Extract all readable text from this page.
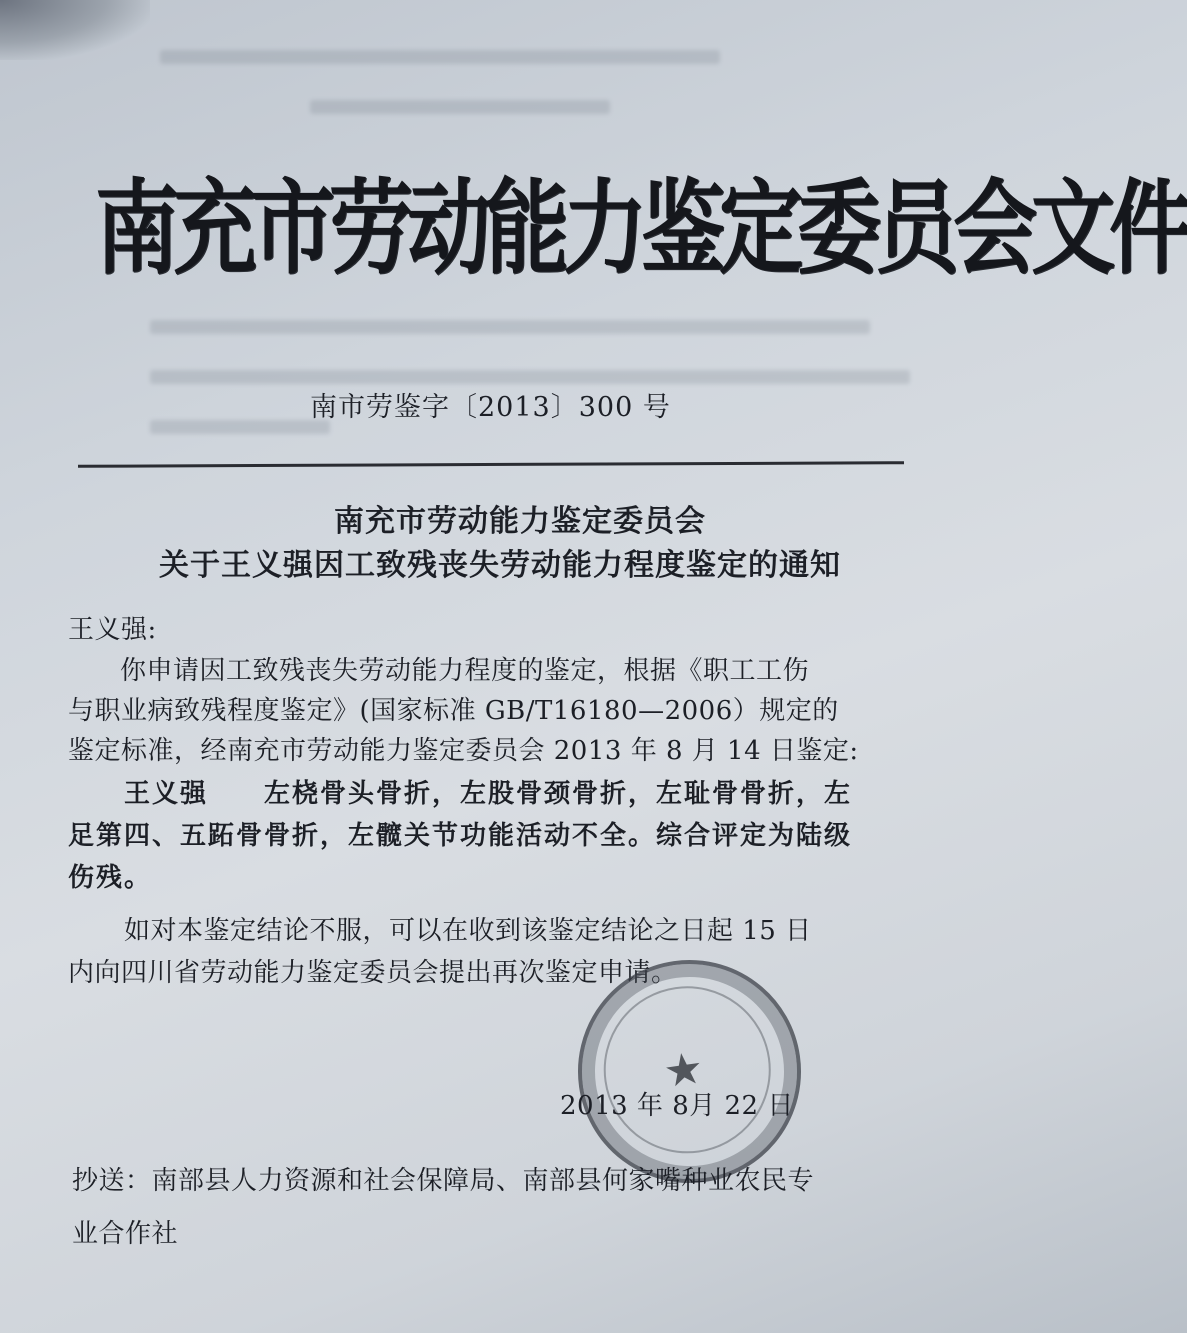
南充市劳动能力鉴定委员会文件
南市劳鉴字〔2013〕300 号
南充市劳动能力鉴定委员会
关于王义强因工致残丧失劳动能力程度鉴定的通知
王义强:
你申请因工致残丧失劳动能力程度的鉴定，根据《职工工伤
与职业病致残程度鉴定》(国家标准 GB/T16180—2006）规定的
鉴定标准，经南充市劳动能力鉴定委员会 2013 年 8 月 14 日鉴定:
王义强　　左桡骨头骨折，左股骨颈骨折，左耻骨骨折，左
足第四、五跖骨骨折，左髋关节功能活动不全。综合评定为陆级
伤残。
如对本鉴定结论不服，可以在收到该鉴定结论之日起 15 日
内向四川省劳动能力鉴定委员会提出再次鉴定申请。
★
2013 年 8月 22 日
抄送：南部县人力资源和社会保障局、南部县何家嘴种业农民专
业合作社
